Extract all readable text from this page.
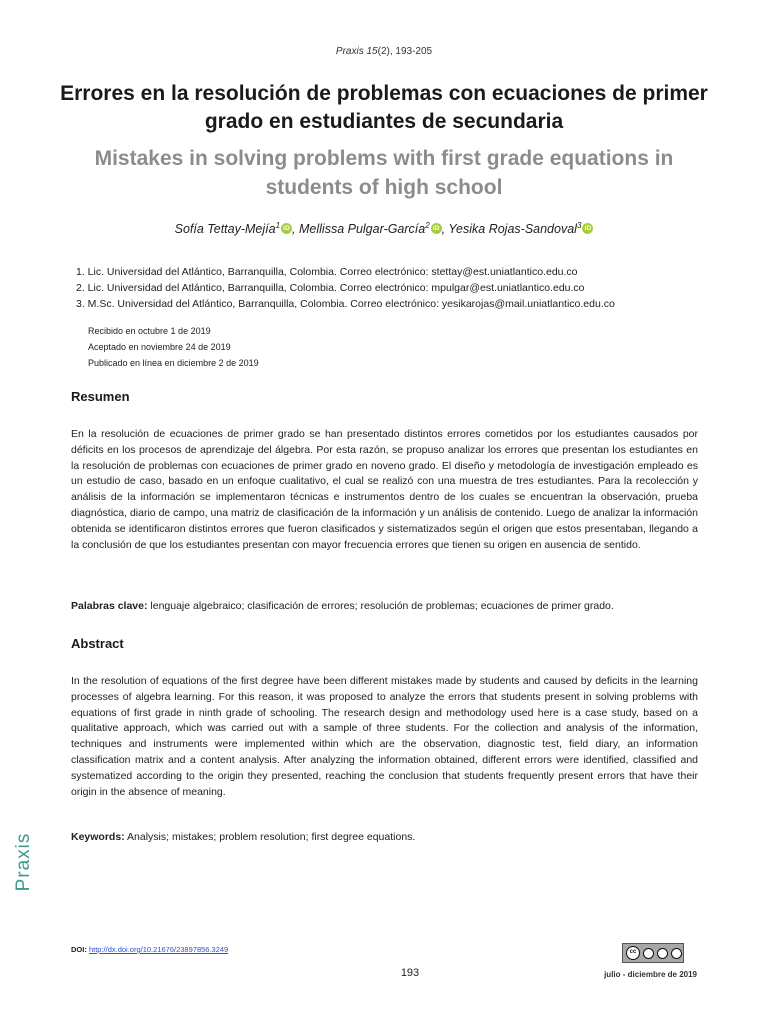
Praxis 15(2), 193-205
Errores en la resolución de problemas con ecuaciones de primer grado en estudiantes de secundaria
Mistakes in solving problems with first grade equations in students of high school
Sofía Tettay-Mejía$^1$ iD , Mellissa Pulgar-García$^2$ iD , Yesika Rojas-Sandoval$^3$ iD
1. Lic. Universidad del Atlántico, Barranquilla, Colombia. Correo electrónico: stettay@est.uniatlantico.edu.co
2. Lic. Universidad del Atlántico, Barranquilla, Colombia. Correo electrónico: mpulgar@est.uniatlantico.edu.co
3. M.Sc. Universidad del Atlántico, Barranquilla, Colombia. Correo electrónico: yesikarojas@mail.uniatlantico.edu.co
Recibido en octubre 1 de 2019
Aceptado en noviembre 24 de 2019
Publicado en línea en diciembre 2 de 2019
Resumen
En la resolución de ecuaciones de primer grado se han presentado distintos errores cometidos por los estudiantes causados por déficits en los procesos de aprendizaje del álgebra. Por esta razón, se propuso analizar los errores que presentan los estudiantes en la resolución de problemas con ecuaciones de primer grado en noveno grado. El diseño y metodología de investigación empleado es un estudio de caso, basado en un enfoque cualitativo, el cual se realizó con una muestra de tres estudiantes. Para la recolección y análisis de la información se implementaron técnicas e instrumentos dentro de los cuales se encuentran la observación, prueba diagnóstica, diario de campo, una matriz de clasificación de la información y un análisis de contenido. Luego de analizar la información obtenida se identificaron distintos errores que fueron clasificados y sistematizados según el origen que estos presentaban, llegando a la conclusión de que los estudiantes presentan con mayor frecuencia errores que tienen su origen en ausencia de sentido.
Palabras clave: lenguaje algebraico; clasificación de errores; resolución de problemas; ecuaciones de primer grado.
Abstract
In the resolution of equations of the first degree have been different mistakes made by students and caused by deficits in the learning processes of algebra learning. For this reason, it was proposed to analyze the errors that students present in solving problems with equations of first grade in ninth grade of schooling. The research design and methodology used here is a case study, based on a qualitative approach, which was carried out with a sample of three students. For the collection and analysis of the information, techniques and instruments were implemented within which are the observation, diagnostic test, field diary, an information classification matrix and a content analysis. After analyzing the information obtained, different errors were identified, classified and systematized according to the origin they presented, reaching the conclusion that students frequently present errors that have their origin in the absence of meaning.
Keywords: Analysis; mistakes; problem resolution; first degree equations.
Praxis
DOI: http://dx.doi.org/10.21676/23897856.3249	cc
193	julio - diciembre de 2019
